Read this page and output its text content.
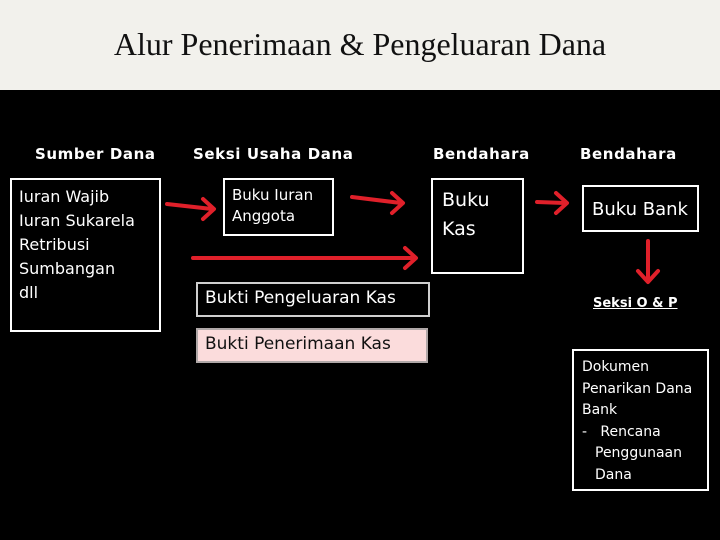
Alur Penerimaan & Pengeluaran Dana
Sumber Dana Seksi Usaha Dana	Bendahara	Bendahara
Iuran Wajib
Iuran Sukarela
Retribusi
Sumbangan
dll
Buku Iuran
Anggota
Buku
Kas
Buku Bank
Bukti Pengeluaran Kas
Bukti Penerimaan Kas
Seksi O & P
Dokumen
Penarikan Dana
Bank
-   Rencana
Penggunaan
Dana
